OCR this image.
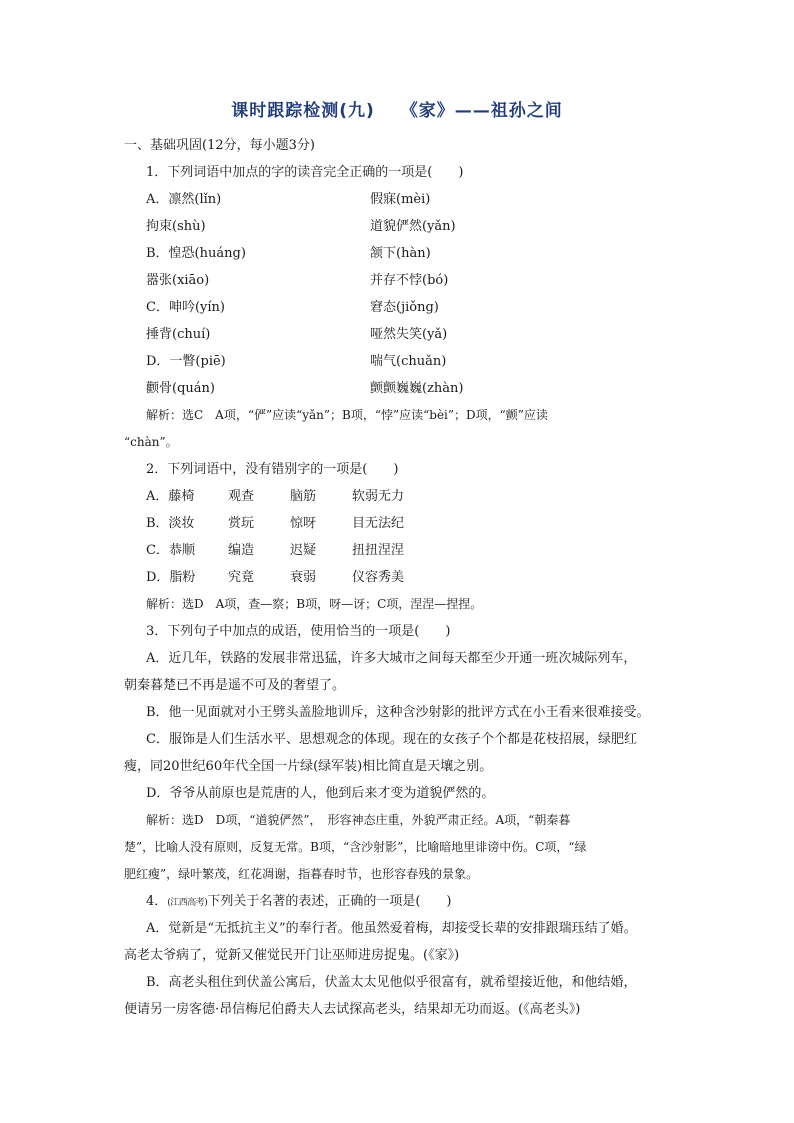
课时跟踪检测(九) 《家》——祖孙之间
一、基础巩固(12分，每小题3分)
1．下列词语中加点的字的读音完全正确的一项是(　　)
A．凛然(lǐn)	假寐(mèi)
拘束(shù)	道貌俨然(yǎn)
B．惶恐(huáng)	颔下(hàn)
嚣张(xiāo)	并存不悖(bó)
C．呻吟(yín)	窘态(jiǒng)
捶背(chuí)	哑然失笑(yǎ)
D．一瞥(piē)	喘气(chuǎn)
颧骨(quán)	颤颤巍巍(zhàn)
解析：选C　A项，“俨”应读“yǎn”；B项，“悖”应读“bèi”；D项，“颤”应读
“chàn”。
2．下列词语中，没有错别字的一项是(　　)
A．藤椅	观查	脑筋	软弱无力
B．淡妆	赏玩	惊呀	目无法纪
C．恭顺	编造	迟疑	扭扭涅涅
D．脂粉	究竟	衰弱	仪容秀美
解析：选D　A项，查—察；B项，呀—讶；C项，涅涅—捏捏。
3．下列句子中加点的成语，使用恰当的一项是(　　)
A．近几年，铁路的发展非常迅猛，许多大城市之间每天都至少开通一班次城际列车，
朝秦暮楚已不再是遥不可及的奢望了。
B．他一见面就对小王劈头盖脸地训斥，这种含沙射影的批评方式在小王看来很难接受。
C．服饰是人们生活水平、思想观念的体现。现在的女孩子个个都是花枝招展，绿肥红
瘦，同20世纪60年代全国一片绿(绿军装)相比简直是天壤之别。
D．爷爷从前原也是荒唐的人，他到后来才变为道貌俨然的。
解析：选D　D项，“道貌俨然”，　形容神态庄重，外貌严肃正经。A项，“朝秦暮
楚”，比喻人没有原则，反复无常。B项，“含沙射影”，比喻暗地里诽谤中伤。C项，“绿
肥红瘦”，绿叶繁茂，红花凋谢，指暮春时节，也形容春残的景象。
4．(江西高考)下列关于名著的表述，正确的一项是(　　)
A．觉新是“无抵抗主义”的奉行者。他虽然爱着梅，却接受长辈的安排跟瑞珏结了婚。
高老太爷病了，觉新又催觉民开门让巫师进房捉鬼。(《家》)
B．高老头租住到伏盖公寓后，伏盖太太见他似乎很富有，就希望接近他，和他结婚，
便请另一房客德·昂信梅尼伯爵夫人去试探高老头，结果却无功而返。(《高老头》)
